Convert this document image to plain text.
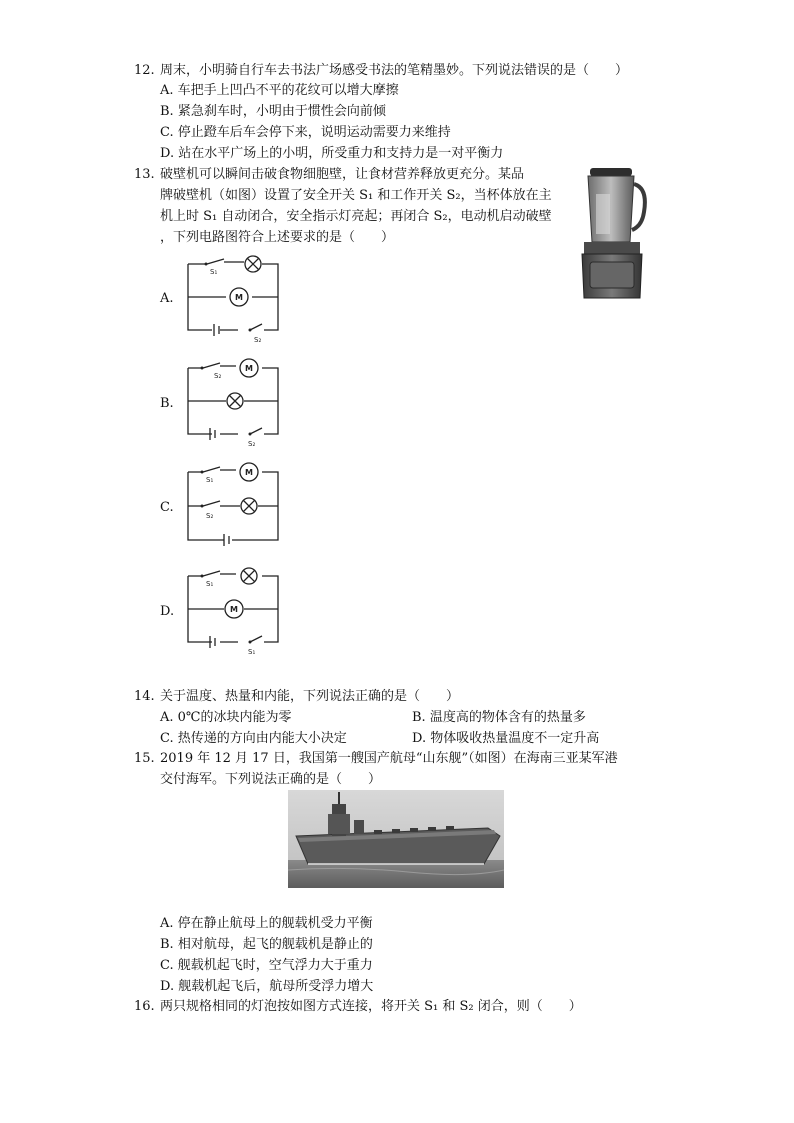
12. 周末，小明骑自行车去书法广场感受书法的笔精墨妙。下列说法错误的是（　　）
A. 车把手上凹凸不平的花纹可以增大摩擦
B. 紧急刹车时，小明由于惯性会向前倾
C. 停止蹬车后车会停下来，说明运动需要力来维持
D. 站在水平广场上的小明，所受重力和支持力是一对平衡力
13. 破壁机可以瞬间击破食物细胞壁，让食材营养释放更充分。某品
牌破壁机（如图）设置了安全开关 S₁ 和工作开关 S₂，当杯体放在主
机上时 S₁ 自动闭合，安全指示灯亮起；再闭合 S₂，电动机启动破壁
，下列电路图符合上述要求的是（　　）
A.	M
S₁
S₂
B.
M
S₂
S₂
C.
M
S₁
S₂
D.	M
S₁
S₁
14. 关于温度、热量和内能，下列说法正确的是（　　）
A. 0℃的冰块内能为零	B. 温度高的物体含有的热量多
C. 热传递的方向由内能大小决定	D. 物体吸收热量温度不一定升高
15. 2019 年 12 月 17 日，我国第一艘国产航母“山东舰”（如图）在海南三亚某军港
交付海军。下列说法正确的是（　　）
A. 停在静止航母上的舰载机受力平衡
B. 相对航母，起飞的舰载机是静止的
C. 舰载机起飞时，空气浮力大于重力
D. 舰载机起飞后，航母所受浮力增大
16. 两只规格相同的灯泡按如图方式连接，将开关 S₁ 和 S₂ 闭合，则（　　）
